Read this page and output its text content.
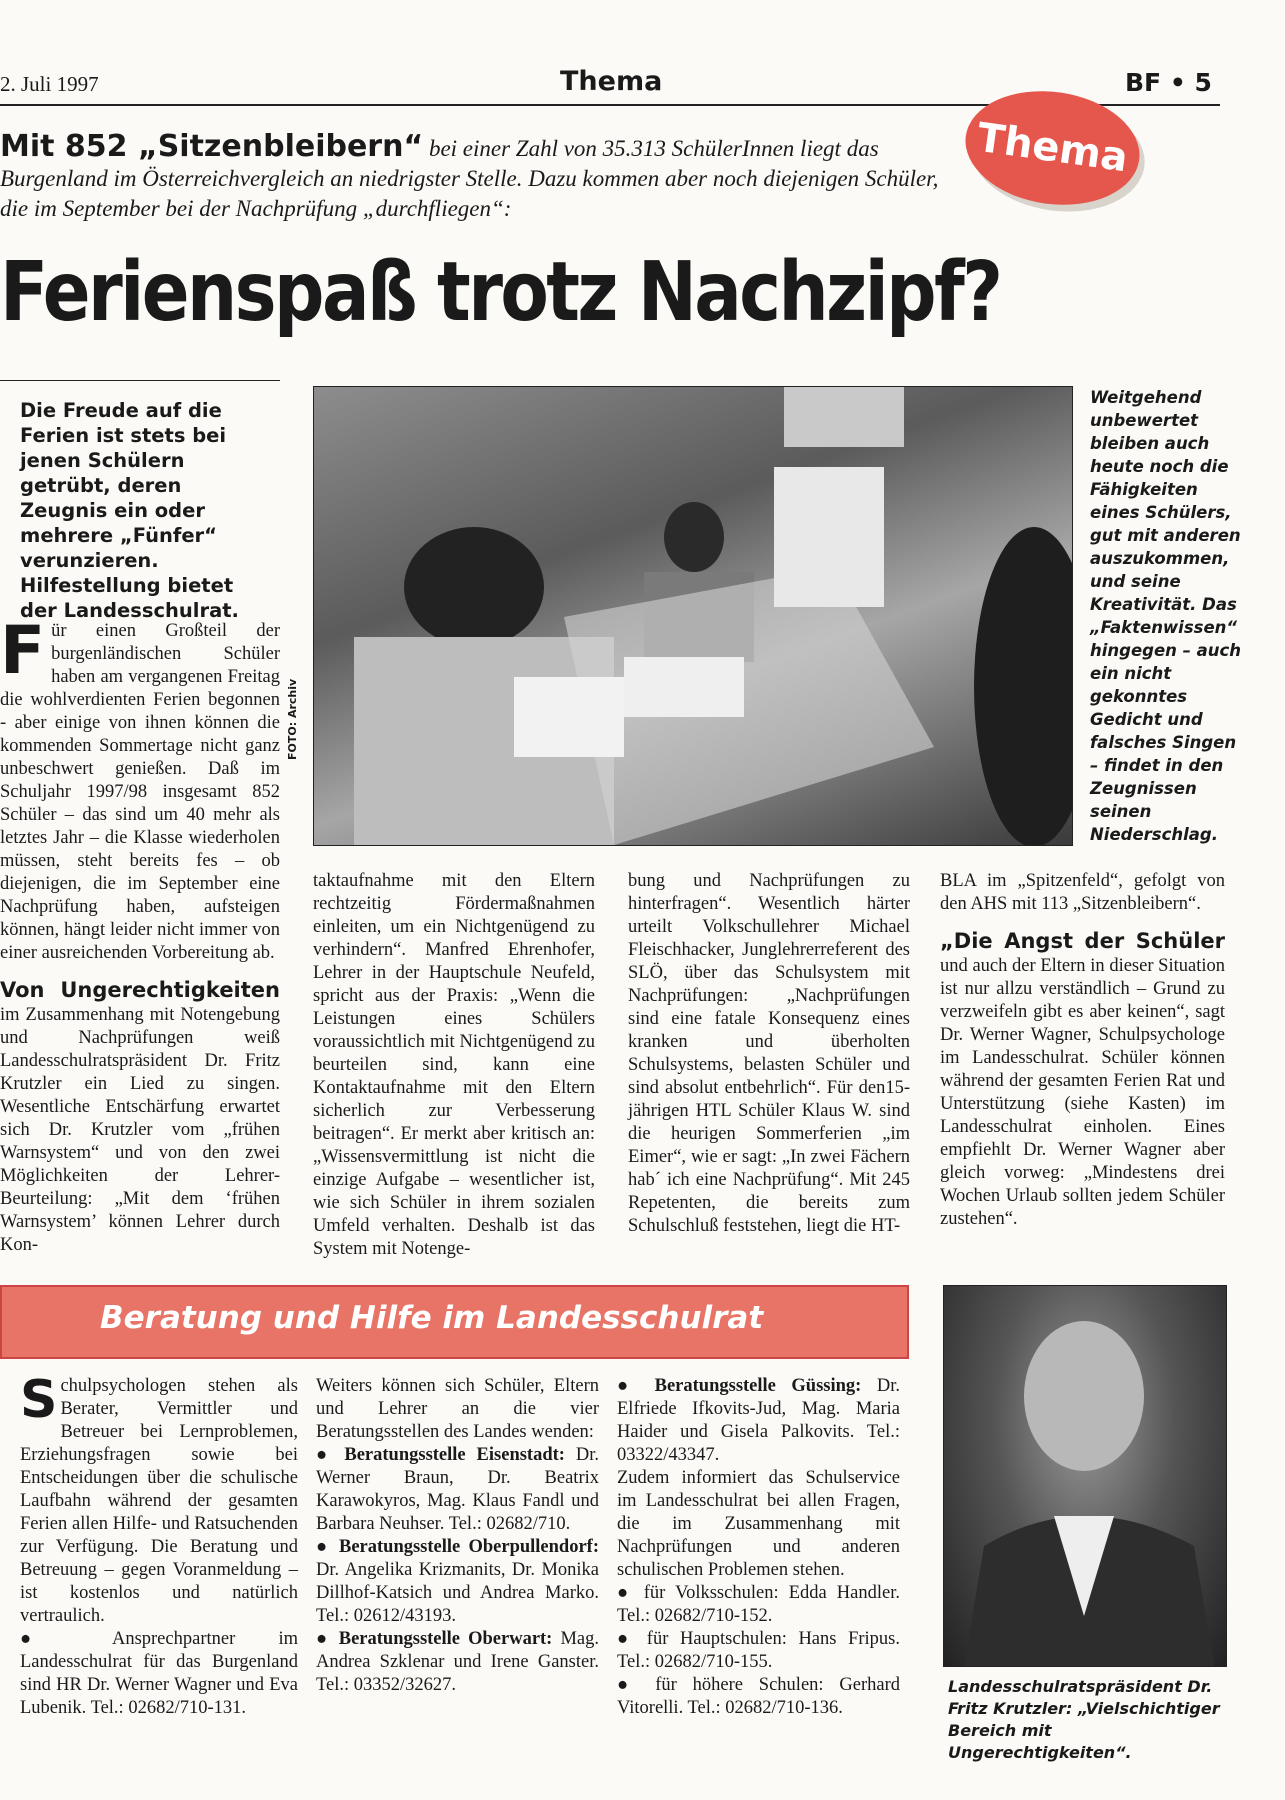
2. Juli 1997	Thema	BF • 5
Thema
Mit 852 „Sitzenbleibern“ bei einer Zahl von 35.313 SchülerInnen liegt das Burgenland im Österreichvergleich an niedrigster Stelle. Dazu kommen aber noch diejenigen Schüler, die im September bei der Nachprüfung „durchfliegen“:
Ferienspaß trotz Nachzipf?
Die Freude auf die Ferien ist stets bei jenen Schülern getrübt, deren Zeugnis ein oder mehrere „Fünfer“ verunzieren. Hilfestellung bietet der Landesschulrat.

Für einen Großteil der burgenländischen Schüler haben am vergangenen Freitag die wohlverdienten Ferien begonnen - aber einige von ihnen können die kommenden Sommertage nicht ganz unbeschwert genießen. Daß im Schuljahr 1997/98 insgesamt 852 Schüler – das sind um 40 mehr als letztes Jahr – die Klasse wiederholen müssen, steht bereits fes – ob diejenigen, die im September eine Nachprüfung haben, aufsteigen können, hängt leider nicht immer von einer ausreichenden Vorbereitung ab.

Von Ungerechtigkeiten im Zusammenhang mit Notengebung und Nachprüfungen weiß Landesschulratspräsident Dr. Fritz Krutzler ein Lied zu singen. Wesentliche Entschärfung erwartet sich Dr. Krutzler vom „frühen Warnsystem“ und von den zwei Möglichkeiten der Lehrer-Beurteilung: „Mit dem ‘frühen Warnsystem’ können Lehrer durch Kon-

FOTO: Archiv
Weitgehend unbewertet bleiben auch heute noch die Fähigkeiten eines Schülers, gut mit anderen auszukommen, und seine Kreativität. Das „Faktenwissen“ hingegen – auch ein nicht gekonntes Gedicht und falsches Singen – findet in den Zeugnissen seinen Niederschlag.
taktaufnahme mit den Eltern rechtzeitig Fördermaßnahmen einleiten, um ein Nichtgenügend zu verhindern“. Manfred Ehrenhofer, Lehrer in der Hauptschule Neufeld, spricht aus der Praxis: „Wenn die Leistungen eines Schülers voraussichtlich mit Nichtgenügend zu beurteilen sind, kann eine Kontaktaufnahme mit den Eltern sicherlich zur Verbesserung beitragen“. Er merkt aber kritisch an: „Wissensvermittlung ist nicht die einzige Aufgabe – wesentlicher ist, wie sich Schüler in ihrem sozialen Umfeld verhalten. Deshalb ist das System mit Notenge-
bung und Nachprüfungen zu hinterfragen“. Wesentlich härter urteilt Volkschullehrer Michael Fleischhacker, Junglehrerreferent des SLÖ, über das Schulsystem mit Nachprüfungen: „Nachprüfungen sind eine fatale Konsequenz eines kranken und überholten Schulsystems, belasten Schüler und sind absolut entbehrlich“. Für den15-jährigen HTL Schüler Klaus W. sind die heurigen Sommerferien „im Eimer“, wie er sagt: „In zwei Fächern hab´ ich eine Nachprüfung“. Mit 245 Repetenten, die bereits zum Schulschluß feststehen, liegt die HT-

BLA im „Spitzenfeld“, gefolgt von den AHS mit 113 „Sitzenbleibern“.

„Die Angst der Schüler und auch der Eltern in dieser Situation ist nur allzu verständlich – Grund zu verzweifeln gibt es aber keinen“, sagt Dr. Werner Wagner, Schulpsychologe im Landesschulrat. Schüler können während der gesamten Ferien Rat und Unterstützung (siehe Kasten) im Landesschulrat einholen. Eines empfiehlt Dr. Werner Wagner aber gleich vorweg: „Mindestens drei Wochen Urlaub sollten jedem Schüler zustehen“.

Beratung und Hilfe im Landesschulrat

Schulpsychologen stehen als Berater, Vermittler und Betreuer bei Lernproblemen, Erziehungsfragen sowie bei Entscheidungen über die schulische Laufbahn während der gesamten Ferien allen Hilfe- und Ratsuchenden zur Verfügung. Die Beratung und Betreuung – gegen Voranmeldung – ist kostenlos und natürlich vertraulich.

● Ansprechpartner im Landesschulrat für das Burgenland sind HR Dr. Werner Wagner und Eva Lubenik. Tel.: 02682/710-131.

Weiters können sich Schüler, Eltern und Lehrer an die vier Beratungsstellen des Landes wenden:

● Beratungsstelle Eisenstadt: Dr. Werner Braun, Dr. Beatrix Karawokyros, Mag. Klaus Fandl und Barbara Neuhser. Tel.: 02682/710.

● Beratungsstelle Oberpullendorf: Dr. Angelika Krizmanits, Dr. Monika Dillhof-Katsich und Andrea Marko. Tel.: 02612/43193.

● Beratungsstelle Oberwart: Mag. Andrea Szklenar und Irene Ganster. Tel.: 03352/32627.

● Beratungsstelle Güssing: Dr. Elfriede Ifkovits-Jud, Mag. Maria Haider und Gisela Palkovits. Tel.: 03322/43347.

Zudem informiert das Schulservice im Landesschulrat bei allen Fragen, die im Zusammenhang mit Nachprüfungen und anderen schulischen Problemen stehen.

● für Volksschulen: Edda Handler. Tel.: 02682/710-152.

● für Hauptschulen: Hans Fripus. Tel.: 02682/710-155.

● für höhere Schulen: Gerhard Vitorelli. Tel.: 02682/710-136.

Landesschulratspräsident Dr. Fritz Krutzler: „Vielschichtiger Bereich mit Ungerechtigkeiten“.
